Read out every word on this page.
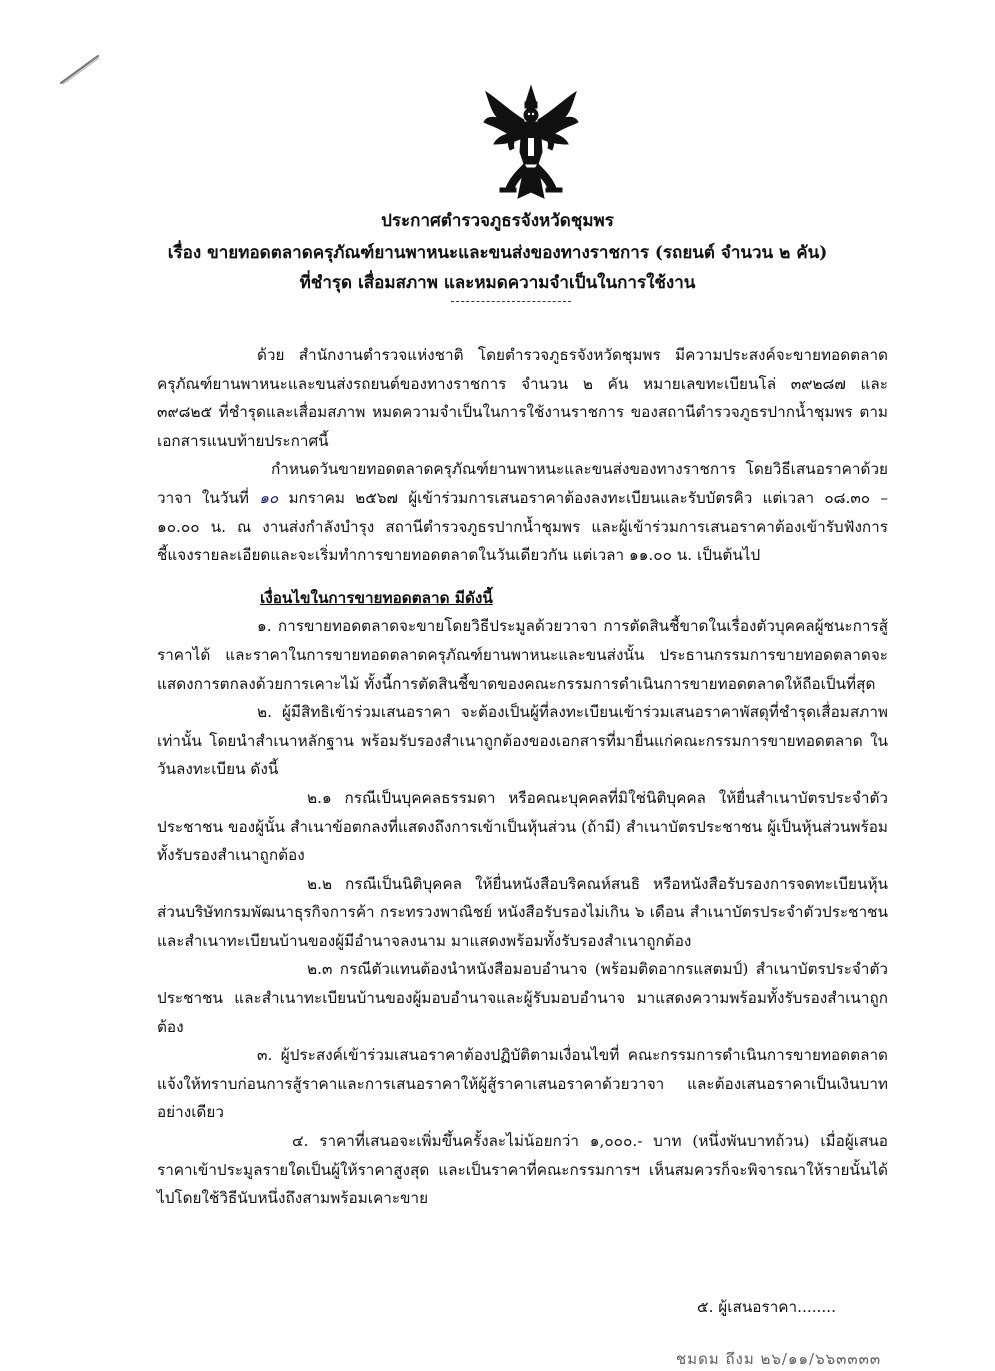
ประกาศตำรวจภูธรจังหวัดชุมพร
เรื่อง ขายทอดตลาดครุภัณฑ์ยานพาหนะและขนส่งของทางราชการ (รถยนต์ จำนวน ๒ คัน)
ที่ชำรุด เสื่อมสภาพ และหมดความจำเป็นในการใช้งาน

ด้วย สำนักงานตำรวจแห่งชาติ โดยตำรวจภูธรจังหวัดชุมพร มีความประสงค์จะขายทอดตลาดครุภัณฑ์ยานพาหนะและขนส่งรถยนต์ของทางราชการ จำนวน ๒ คัน หมายเลขทะเบียนโล่ ๓๙๒๘๗ และ ๓๙๘๒๕ ที่ชำรุดและเสื่อมสภาพ หมดความจำเป็นในการใช้งานราชการ ของสถานีตำรวจภูธรปากน้ำชุมพร ตามเอกสารแนบท้ายประกาศนี้

กำหนดวันขายทอดตลาดครุภัณฑ์ยานพาหนะและขนส่งของทางราชการ โดยวิธีเสนอราคาด้วยวาจา ในวันที่ ๑๐ มกราคม ๒๕๖๗ ผู้เข้าร่วมการเสนอราคาต้องลงทะเบียนและรับบัตรคิว แต่เวลา ๐๘.๓๐ – ๑๐.๐๐ น. ณ งานส่งกำลังบำรุง สถานีตำรวจภูธรปากน้ำชุมพร และผู้เข้าร่วมการเสนอราคาต้องเข้ารับฟังการชี้แจงรายละเอียดและจะเริ่มทำการขายทอดตลาดในวันเดียวกัน แต่เวลา ๑๑.๐๐ น. เป็นต้นไป

เงื่อนไขในการขายทอดตลาด มีดังนี้

๑. การขายทอดตลาดจะขายโดยวิธีประมูลด้วยวาจา การตัดสินชี้ขาดในเรื่องตัวบุคคลผู้ชนะการสู้ราคาได้ และราคาในการขายทอดตลาดครุภัณฑ์ยานพาหนะและขนส่งนั้น ประธานกรรมการขายทอดตลาดจะแสดงการตกลงด้วยการเคาะไม้ ทั้งนี้การตัดสินชี้ขาดของคณะกรรมการดำเนินการขายทอดตลาดให้ถือเป็นที่สุด

๒. ผู้มีสิทธิเข้าร่วมเสนอราคา จะต้องเป็นผู้ที่ลงทะเบียนเข้าร่วมเสนอราคาพัสดุที่ชำรุดเสื่อมสภาพเท่านั้น โดยนำสำเนาหลักฐาน พร้อมรับรองสำเนาถูกต้องของเอกสารที่มายื่นแก่คณะกรรมการขายทอดตลาด ในวันลงทะเบียน ดังนี้

๒.๑ กรณีเป็นบุคคลธรรมดา หรือคณะบุคคลที่มิใช่นิติบุคคล ให้ยื่นสำเนาบัตรประจำตัวประชาชน ของผู้นั้น สำเนาข้อตกลงที่แสดงถึงการเข้าเป็นหุ้นส่วน (ถ้ามี) สำเนาบัตรประชาชน ผู้เป็นหุ้นส่วนพร้อมทั้งรับรองสำเนาถูกต้อง

๒.๒ กรณีเป็นนิติบุคคล ให้ยื่นหนังสือบริคณห์สนธิ หรือหนังสือรับรองการจดทะเบียนหุ้นส่วนบริษัทกรมพัฒนาธุรกิจการค้า กระทรวงพาณิชย์ หนังสือรับรองไม่เกิน ๖ เดือน สำเนาบัตรประจำตัวประชาชน และสำเนาทะเบียนบ้านของผู้มีอำนาจลงนาม มาแสดงพร้อมทั้งรับรองสำเนาถูกต้อง

๒.๓ กรณีตัวแทนต้องนำหนังสือมอบอำนาจ (พร้อมติดอากรแสตมป์) สำเนาบัตรประจำตัวประชาชน และสำเนาทะเบียนบ้านของผู้มอบอำนาจและผู้รับมอบอำนาจ มาแสดงความพร้อมทั้งรับรองสำเนาถูกต้อง

๓. ผู้ประสงค์เข้าร่วมเสนอราคาต้องปฏิบัติตามเงื่อนไขที่ คณะกรรมการดำเนินการขายทอดตลาด แจ้งให้ทราบก่อนการสู้ราคาและการเสนอราคาให้ผู้สู้ราคาเสนอราคาด้วยวาจา และต้องเสนอราคาเป็นเงินบาทอย่างเดียว

๔. ราคาที่เสนอจะเพิ่มขึ้นครั้งละไม่น้อยกว่า ๑,๐๐๐.- บาท (หนึ่งพันบาทถ้วน) เมื่อผู้เสนอราคาเข้าประมูลรายใดเป็นผู้ให้ราคาสูงสุด และเป็นราคาที่คณะกรรมการฯ เห็นสมควรก็จะพิจารณาให้รายนั้นได้ไปโดยใช้วิธีนับหนึ่งถึงสามพร้อมเคาะขาย

๕. ผู้เสนอราคา........
ชมดม ถึงม ๒๖/๑๑/๖๖๓๓๓๓
